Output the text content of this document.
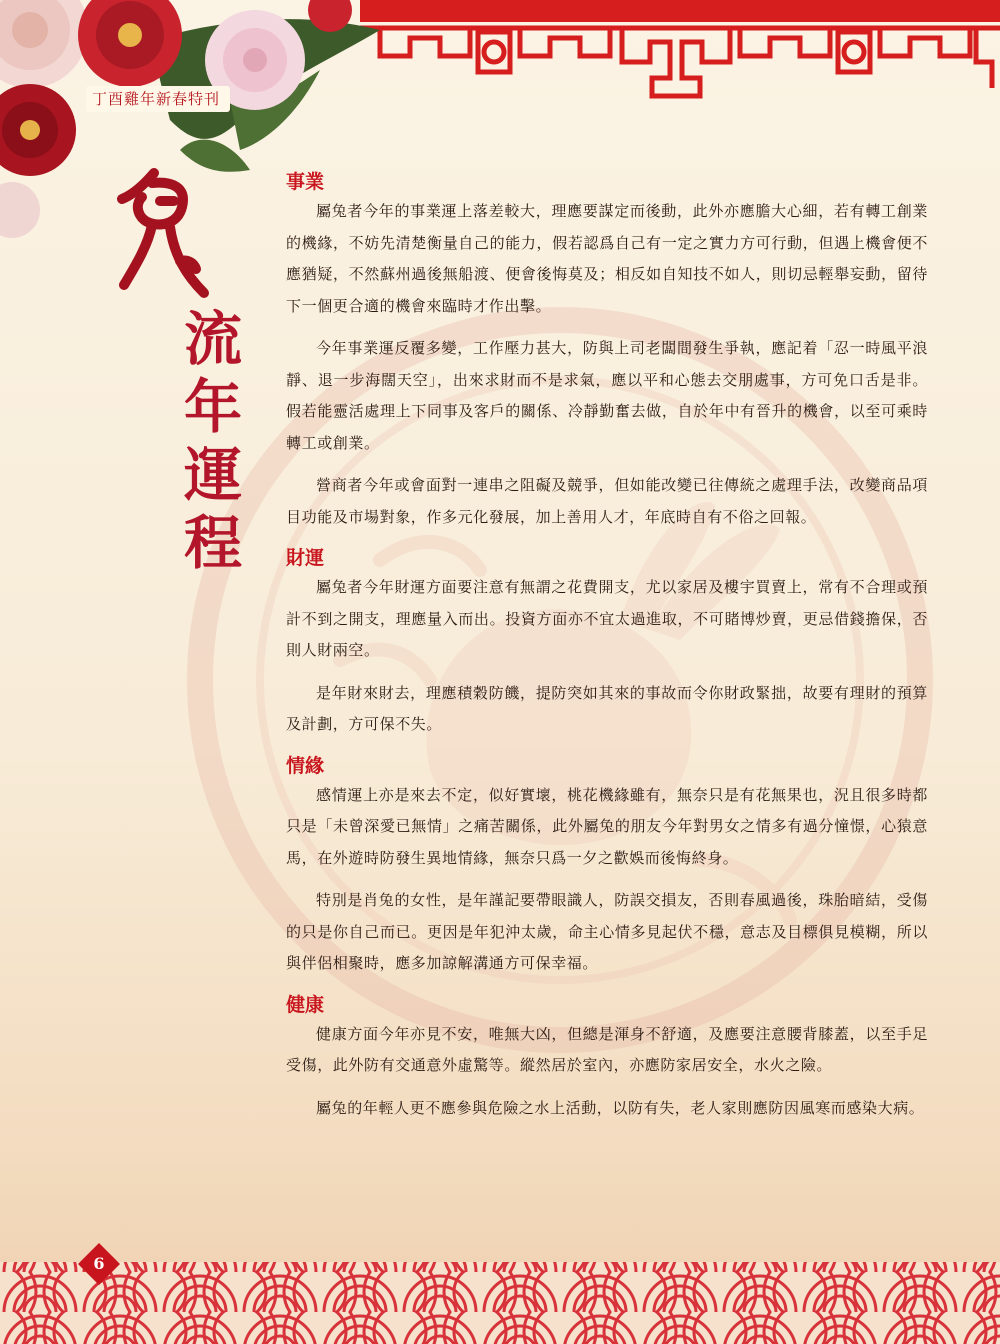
丁酉雞年新春特刊
流
年
運
程
事業

屬兔者今年的事業運上落差較大，理應要謀定而後動，此外亦應膽大心細，若有轉工創業的機緣，不妨先清楚衡量自己的能力，假若認爲自己有一定之實力方可行動，但遇上機會便不應猶疑，不然蘇州過後無船渡、便會後悔莫及；相反如自知技不如人，則切忌輕舉妄動，留待下一個更合適的機會來臨時才作出擊。

今年事業運反覆多變，工作壓力甚大，防與上司老闆間發生爭執，應記着「忍一時風平浪靜、退一步海闊天空」，出來求財而不是求氣，應以平和心態去交朋處事，方可免口舌是非。假若能靈活處理上下同事及客戶的關係、冷靜勤奮去做，自於年中有晉升的機會，以至可乘時轉工或創業。

營商者今年或會面對一連串之阻礙及競爭，但如能改變已往傳統之處理手法，改變商品項目功能及市場對象，作多元化發展，加上善用人才，年底時自有不俗之回報。

財運

屬兔者今年財運方面要注意有無謂之花費開支，尤以家居及樓宇買賣上，常有不合理或預計不到之開支，理應量入而出。投資方面亦不宜太過進取，不可賭博炒賣，更忌借錢擔保，否則人財兩空。

是年財來財去，理應積穀防饑，提防突如其來的事故而令你財政緊拙，故要有理財的預算及計劃，方可保不失。

情緣

感情運上亦是來去不定，似好實壞，桃花機緣雖有，無奈只是有花無果也，況且很多時都只是「未曾深愛已無情」之痛苦關係，此外屬兔的朋友今年對男女之情多有過分憧憬，心猿意馬，在外遊時防發生異地情緣，無奈只爲一夕之歡娛而後悔終身。

特別是肖兔的女性，是年謹記要帶眼識人，防誤交損友，否則春風過後，珠胎暗結，受傷的只是你自己而已。更因是年犯沖太歲，命主心情多見起伏不穩，意志及目標俱見模糊，所以與伴侶相聚時，應多加諒解溝通方可保幸福。

健康

健康方面今年亦見不安，唯無大凶，但總是渾身不舒適，及應要注意腰背膝蓋，以至手足受傷，此外防有交通意外虛驚等。縱然居於室內，亦應防家居安全，水火之險。

屬兔的年輕人更不應參與危險之水上活動，以防有失，老人家則應防因風寒而感染大病。

6
